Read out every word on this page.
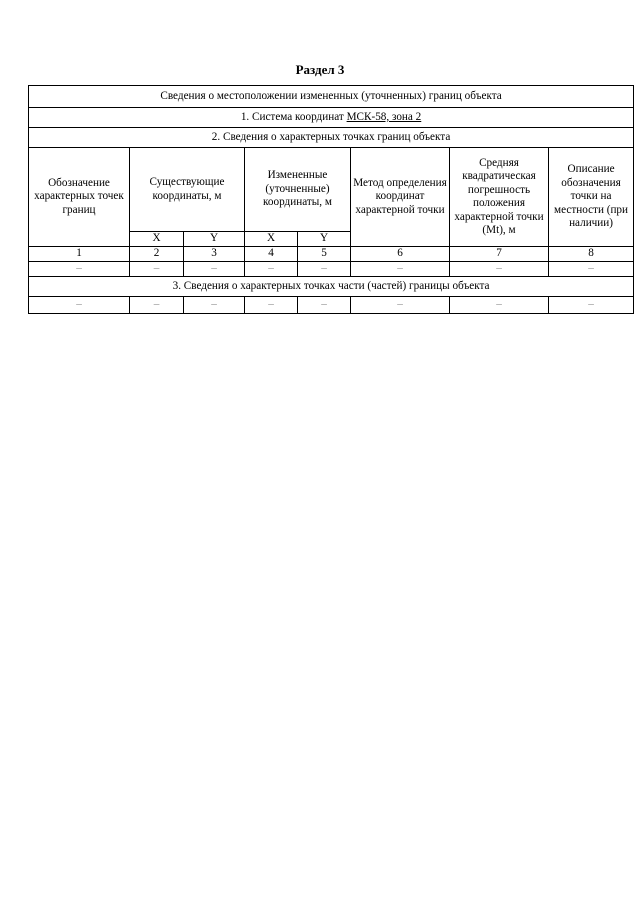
Раздел 3
Сведения о местоположении измененных (уточненных) границ объекта							
1. Система координат МСК-58, зона 2							
2. Сведения о характерных точках границ объекта							
Обозначение характерных точек границ	Существующие координаты, м		Измененные (уточненные) координаты, м		Метод определения координат характерной точки	Средняя квадратическая погрешность положения характерной точки (Mt), м	Описание обозначения точки на местности (при наличии)
	X	Y	X	Y			
1	2	3	4	5	6	7	8
–	–	–	–	–	–	–	–
3. Сведения о характерных точках части (частей) границы объекта							
–	–	–	–	–	–	–	–
